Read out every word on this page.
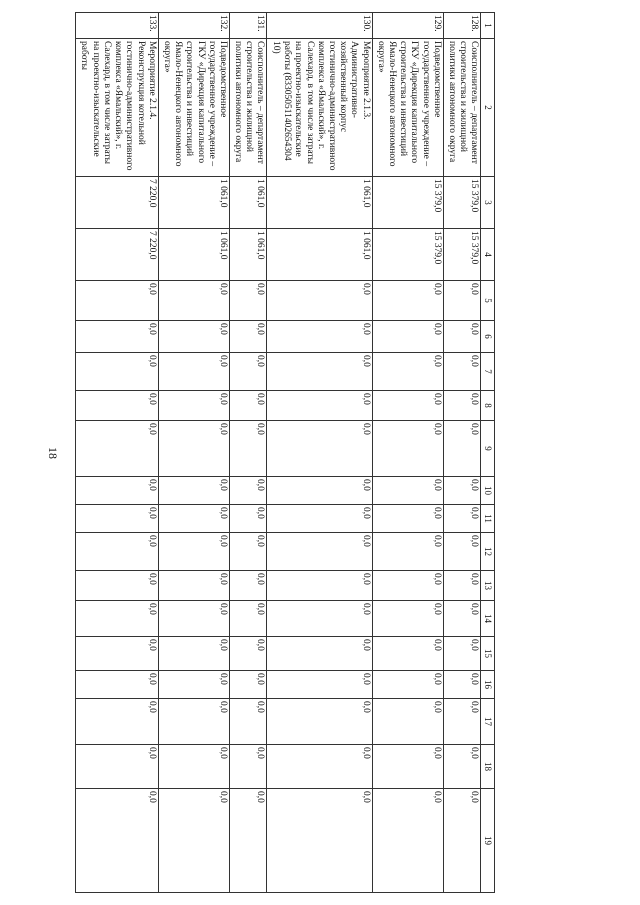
18
1	2	3	4	5	6	7	8	9	10	11	12	13	14	15	16	17	18	19
128.	Соисполнитель – департамент строительства и жилищной политики автономного округа	15 379,0	15 379,0	0,0	0,0	0,0	0,0	0,0	0,0	0,0	0,0	0,0	0,0	0,0	0,0	0,0	0,0	0,0
129.	Подведомственное государственное учреждение – ГКУ «Дирекция капитального строительства и инвестиций Ямало-Ненецкого автономного округа»	15 379,0	15 379,0	0,0	0,0	0,0	0,0	0,0	0,0	0,0	0,0	0,0	0,0	0,0	0,0	0,0	0,0	0,0
130.	Мероприятие 2.1.3. Административно-хозяйственный корпус гостинично-административного комплекса «Ямальский», г. Салехард, в том числе затраты на проектно-изыскательские работы (833050511402654304 10)	1 061,0	1 061,0	0,0	0,0	0,0	0,0	0,0	0,0	0,0	0,0	0,0	0,0	0,0	0,0	0,0	0,0	0,0
131.	Соисполнитель – департамент строительства и жилищной политики автономного округа	1 061,0	1 061,0	0,0	0,0	0,0	0,0	0,0	0,0	0,0	0,0	0,0	0,0	0,0	0,0	0,0	0,0	0,0
132.	Подведомственное государственное учреждение – ГКУ «Дирекция капитального строительства и инвестиций Ямало-Ненецкого автономного округа»	1 061,0	1 061,0	0,0	0,0	0,0	0,0	0,0	0,0	0,0	0,0	0,0	0,0	0,0	0,0	0,0	0,0	0,0
133.	Мероприятие 2.1.4. Реконструкция котельной гостинично-административного комплекса «Ямальский», г. Салехард, в том числе затраты на проектно-изыскательские работы	7 220,0	7 220,0	0,0	0,0	0,0	0,0	0,0	0,0	0,0	0,0	0,0	0,0	0,0	0,0	0,0	0,0	0,0
